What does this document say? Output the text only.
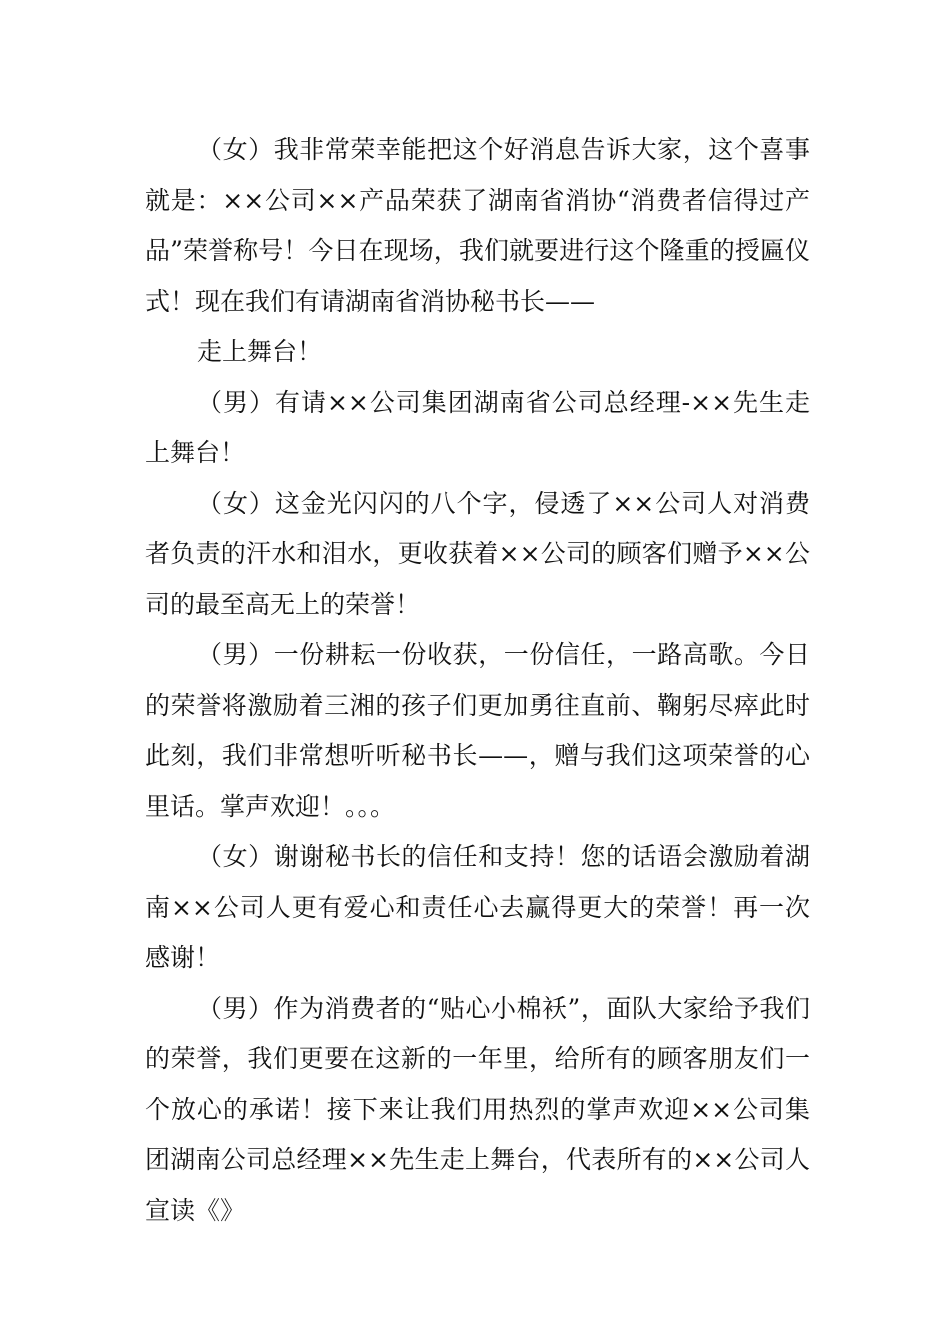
（女）我非常荣幸能把这个好消息告诉大家，这个喜事就是：××公司××产品荣获了湖南省消协“消费者信得过产品”荣誉称号！今日在现场，我们就要进行这个隆重的授匾仪式！现在我们有请湖南省消协秘书长——

走上舞台！

（男）有请××公司集团湖南省公司总经理-××先生走上舞台！

（女）这金光闪闪的八个字，侵透了××公司人对消费者负责的汗水和泪水，更收获着××公司的顾客们赠予××公司的最至高无上的荣誉！

（男）一份耕耘一份收获，一份信任，一路高歌。今日的荣誉将激励着三湘的孩子们更加勇往直前、鞠躬尽瘁此时此刻，我们非常想听听秘书长——，赠与我们这项荣誉的心里话。掌声欢迎！。。。

（女）谢谢秘书长的信任和支持！您的话语会激励着湖南××公司人更有爱心和责任心去赢得更大的荣誉！再一次感谢！

（男）作为消费者的“贴心小棉袄”，面队大家给予我们的荣誉，我们更要在这新的一年里，给所有的顾客朋友们一个放心的承诺！接下来让我们用热烈的掌声欢迎××公司集团湖南公司总经理××先生走上舞台，代表所有的××公司人宣读《》
